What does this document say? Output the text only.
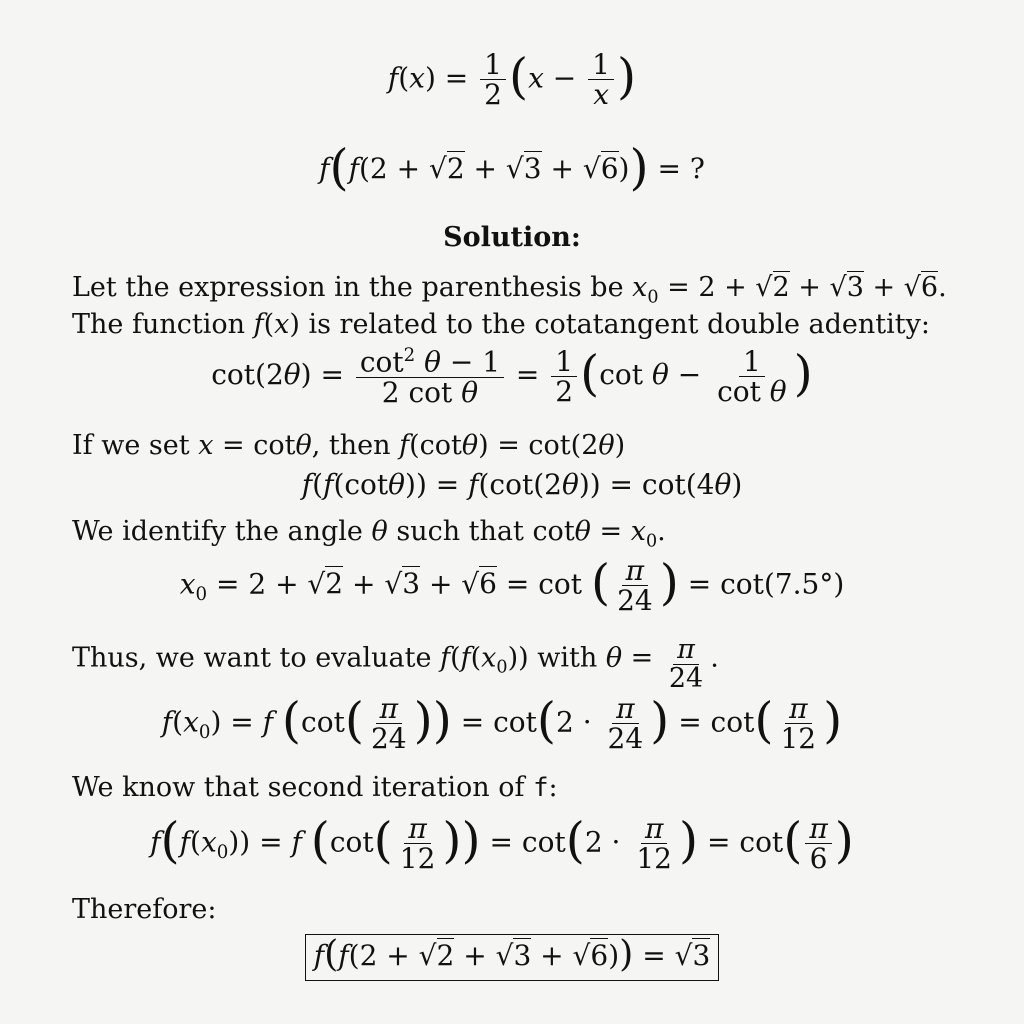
$f(x) = \frac{1}{2} (x - \frac{1}{x}$ )
f(f(2 + √2 + √3 + √6)) = ?
Solution:
Let the expression in the parenthesis be $x_0 = 2 + √2 + √3 + √6$.
The function f(x) is related to the cotatangent double adentity:
$\cot(2\theta) = \frac{\cot^2 \theta - 1}{\text{2 cot θ}} = \frac{1}{2} (\cot$ $\theta - \frac{1}{\text{cot θ}}$ )
If we set x = cotθ, then f(cotθ) = cot(2θ)
f(f(cotθ)) = f(cot(2θ)) = cot(4θ)
We identify the angle θ such that $\cot\theta = x_0$.
$x_0 = 2 + √2 + √3 + √6 = \cot$ ( $\frac{\pi}{24}$ ) = cot(7.5°)
Thus, we want to evaluate $f(f(x_0))$ with $\theta = \frac{\pi}{24}$ .
$f(x_0) = f$ ($\cot( \frac{\pi}{24}$ )) = $\cot(2 \cdot \frac{\pi}{24}$ ) = $\cot( \frac{\pi}{12}$ )
We know that second iteration of f:
$f(f(x_0)) = f$ ($\cot( \frac{\pi}{12}$ )) = $\cot(2 \cdot \frac{\pi}{12}$ ) = $\cot( \frac{\pi}{6}$ )
Therefore:
f(f(2 + √2 + √3 + √6)) = √3
